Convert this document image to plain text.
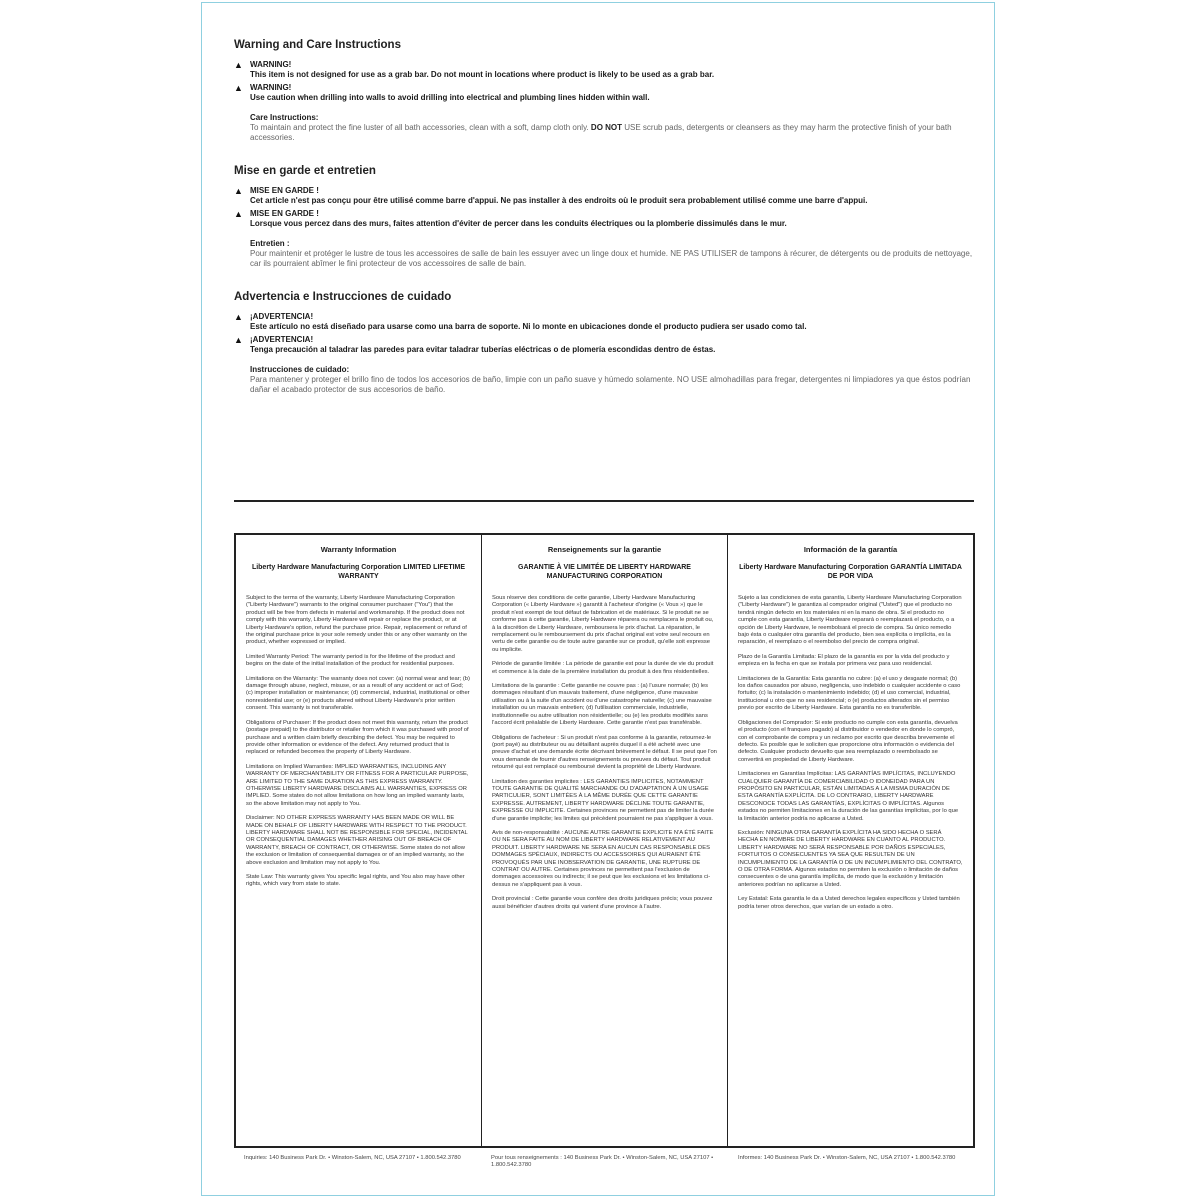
Warning and Care Instructions
▲ WARNING!
This item is not designed for use as a grab bar. Do not mount in locations where product is likely to be used as a grab bar.
▲ WARNING!
Use caution when drilling into walls to avoid drilling into electrical and plumbing lines hidden within wall.
Care Instructions:
To maintain and protect the fine luster of all bath accessories, clean with a soft, damp cloth only. DO NOT USE scrub pads, detergents or cleansers as they may harm the protective finish of your bath accessories.
Mise en garde et entretien
▲ MISE EN GARDE !
Cet article n'est pas conçu pour être utilisé comme barre d'appui. Ne pas installer à des endroits où le produit sera probablement utilisé comme une barre d'appui.
▲ MISE EN GARDE !
Lorsque vous percez dans des murs, faites attention d'éviter de percer dans les conduits électriques ou la plomberie dissimulés dans le mur.
Entretien :
Pour maintenir et protéger le lustre de tous les accessoires de salle de bain les essuyer avec un linge doux et humide. NE PAS UTILISER de tampons à récurer, de détergents ou de produits de nettoyage, car ils pourraient abîmer le fini protecteur de vos accessoires de salle de bain.
Advertencia e Instrucciones de cuidado
▲ ¡ADVERTENCIA!
Este artículo no está diseñado para usarse como una barra de soporte. Ni lo monte en ubicaciones donde el producto pudiera ser usado como tal.
▲ ¡ADVERTENCIA!
Tenga precaución al taladrar las paredes para evitar taladrar tuberías eléctricas o de plomería escondidas dentro de éstas.
Instrucciones de cuidado:
Para mantener y proteger el brillo fino de todos los accesorios de baño, limpie con un paño suave y húmedo solamente. NO USE almohadillas para fregar, detergentes ni limpiadores ya que éstos podrían dañar el acabado protector de sus accesorios de baño.
Warranty Information
Liberty Hardware Manufacturing Corporation LIMITED LIFETIME WARRANTY

Subject to the terms of the warranty, Liberty Hardware Manufacturing Corporation ("Liberty Hardware") warrants to the original consumer purchaser ("You") that the product will be free from defects in material and workmanship. If the product does not comply with this warranty, Liberty Hardware will repair or replace the product, or at Liberty Hardware's option, refund the purchase price. Repair, replacement or refund of the original purchase price is your sole remedy under this or any other warranty on the product, whether expressed or implied.

Limited Warranty Period: The warranty period is for the lifetime of the product and begins on the date of the initial installation of the product for residential purposes.

Limitations on the Warranty: The warranty does not cover: (a) normal wear and tear; (b) damage through abuse, neglect, misuse, or as a result of any accident or act of God; (c) improper installation or maintenance; (d) commercial, industrial, institutional or other nonresidential use; or (e) products altered without Liberty Hardware's prior written consent. This warranty is not transferable.

Obligations of Purchaser: If the product does not meet this warranty, return the product (postage prepaid) to the distributor or retailer from which it was purchased with proof of purchase and a written claim briefly describing the defect. You may be required to provide other information or evidence of the defect. Any returned product that is replaced or refunded becomes the property of Liberty Hardware.

Limitations on Implied Warranties: IMPLIED WARRANTIES, INCLUDING ANY WARRANTY OF MERCHANTABILITY OR FITNESS FOR A PARTICULAR PURPOSE, ARE LIMITED TO THE SAME DURATION AS THIS EXPRESS WARRANTY. OTHERWISE LIBERTY HARDWARE DISCLAIMS ALL WARRANTIES, EXPRESS OR IMPLIED. Some states do not allow limitations on how long an implied warranty lasts, so the above limitation may not apply to You.

Disclaimer: NO OTHER EXPRESS WARRANTY HAS BEEN MADE OR WILL BE MADE ON BEHALF OF LIBERTY HARDWARE WITH RESPECT TO THE PRODUCT. LIBERTY HARDWARE SHALL NOT BE RESPONSIBLE FOR SPECIAL, INCIDENTAL OR CONSEQUENTIAL DAMAGES WHETHER ARISING OUT OF BREACH OF WARRANTY, BREACH OF CONTRACT, OR OTHERWISE. Some states do not allow the exclusion or limitation of consequential damages or of an implied warranty, so the above exclusion and limitation may not apply to You.

State Law: This warranty gives You specific legal rights, and You also may have other rights, which vary from state to state.

Renseignements sur la garantie
GARANTIE À VIE LIMITÉE DE LIBERTY HARDWARE MANUFACTURING CORPORATION

Sous réserve des conditions de cette garantie, Liberty Hardware Manufacturing Corporation (« Liberty Hardware ») garantit à l'acheteur d'origine (« Vous ») que le produit n'est exempt de tout défaut de fabrication et de matériaux. Si le produit ne se conforme pas à cette garantie, Liberty Hardware réparera ou remplacera le produit ou, à la discrétion de Liberty Hardware, remboursera le prix d'achat. La réparation, le remplacement ou le remboursement du prix d'achat original est votre seul recours en vertu de cette garantie ou de toute autre garantie sur ce produit, qu'elle soit expresse ou implicite.

Période de garantie limitée : La période de garantie est pour la durée de vie du produit et commence à la date de la première installation du produit à des fins résidentielles.

Limitations de la garantie : Cette garantie ne couvre pas : (a) l'usure normale; (b) les dommages résultant d'un mauvais traitement, d'une négligence, d'une mauvaise utilisation ou à la suite d'un accident ou d'une catastrophe naturelle; (c) une mauvaise installation ou un mauvais entretien; (d) l'utilisation commerciale, industrielle, institutionnelle ou autre utilisation non résidentielle; ou (e) les produits modifiés sans l'accord écrit préalable de Liberty Hardware. Cette garantie n'est pas transférable.

Obligations de l'acheteur : Si un produit n'est pas conforme à la garantie, retournez-le (port payé) au distributeur ou au détaillant auprès duquel il a été acheté avec une preuve d'achat et une demande écrite décrivant brièvement le défaut. Il se peut que l'on vous demande de fournir d'autres renseignements ou preuves du défaut. Tout produit retourné qui est remplacé ou remboursé devient la propriété de Liberty Hardware.

Limitation des garanties implicites : LES GARANTIES IMPLICITES, NOTAMMENT TOUTE GARANTIE DE QUALITÉ MARCHANDE OU D'ADAPTATION À UN USAGE PARTICULIER, SONT LIMITÉES À LA MÊME DURÉE QUE CETTE GARANTIE EXPRESSE. AUTREMENT, LIBERTY HARDWARE DÉCLINE TOUTE GARANTIE, EXPRESSE OU IMPLICITE. Certaines provinces ne permettent pas de limiter la durée d'une garantie implicite; les limites qui précèdent pourraient ne pas s'appliquer à vous.

Avis de non-responsabilité : AUCUNE AUTRE GARANTIE EXPLICITE N'A ÉTÉ FAITE OU NE SERA FAITE AU NOM DE LIBERTY HARDWARE RELATIVEMENT AU PRODUIT. LIBERTY HARDWARE NE SERA EN AUCUN CAS RESPONSABLE DES DOMMAGES SPÉCIAUX, INDIRECTS OU ACCESSOIRES QUI AURAIENT ÉTÉ PROVOQUÉS PAR UNE INOBSERVATION DE GARANTIE, UNE RUPTURE DE CONTRAT OU AUTRE. Certaines provinces ne permettent pas l'exclusion de dommages accessoires ou indirects; il se peut que les exclusions et les limitations ci-dessus ne s'appliquent pas à vous.

Droit provincial : Cette garantie vous confère des droits juridiques précis; vous pouvez aussi bénéficier d'autres droits qui varient d'une province à l'autre.

Información de la garantía
Liberty Hardware Manufacturing Corporation GARANTÍA LIMITADA DE POR VIDA

Sujeto a las condiciones de esta garantía, Liberty Hardware Manufacturing Corporation ("Liberty Hardware") le garantiza al comprador original ("Usted") que el producto no tendrá ningún defecto en los materiales ni en la mano de obra. Si el producto no cumple con esta garantía, Liberty Hardware reparará o reemplazará el producto, o a opción de Liberty Hardware, le reembolsará el precio de compra. Su único remedio bajo ésta o cualquier otra garantía del producto, bien sea explícita o implícita, es la reparación, el reemplazo o el reembolso del precio de compra original.

Plazo de la Garantía Limitada: El plazo de la garantía es por la vida del producto y empieza en la fecha en que se instala por primera vez para uso residencial.

Limitaciones de la Garantía: Esta garantía no cubre: (a) el uso y desgaste normal; (b) los daños causados por abuso, negligencia, uso indebido o cualquier accidente o caso fortuito; (c) la instalación o mantenimiento indebido; (d) el uso comercial, industrial, institucional u otro que no sea residencial; o (e) productos alterados sin el permiso previo por escrito de Liberty Hardware. Esta garantía no es transferible.

Obligaciones del Comprador: Si este producto no cumple con esta garantía, devuelva el producto (con el franqueo pagado) al distribuidor o vendedor en donde lo compró, con el comprobante de compra y un reclamo por escrito que describa brevemente el defecto. Es posible que le soliciten que proporcione otra información o evidencia del defecto. Cualquier producto devuelto que sea reemplazado o reembolsado se convertirá en propiedad de Liberty Hardware.

Limitaciones en Garantías Implícitas: LAS GARANTÍAS IMPLÍCITAS, INCLUYENDO CUALQUIER GARANTÍA DE COMERCIABILIDAD O IDONEIDAD PARA UN PROPÓSITO EN PARTICULAR, ESTÁN LIMITADAS A LA MISMA DURACIÓN DE ESTA GARANTÍA EXPLÍCITA. DE LO CONTRARIO, LIBERTY HARDWARE DESCONOCE TODAS LAS GARANTÍAS, EXPLÍCITAS O IMPLÍCITAS. Algunos estados no permiten limitaciones en la duración de las garantías implícitas, por lo que la limitación anterior podría no aplicarse a Usted.

Exclusión: NINGUNA OTRA GARANTÍA EXPLÍCITA HA SIDO HECHA O SERÁ HECHA EN NOMBRE DE LIBERTY HARDWARE EN CUANTO AL PRODUCTO. LIBERTY HARDWARE NO SERÁ RESPONSABLE POR DAÑOS ESPECIALES, FORTUITOS O CONSECUENTES YA SEA QUE RESULTEN DE UN INCUMPLIMIENTO DE LA GARANTÍA O DE UN INCUMPLIMIENTO DEL CONTRATO, O DE OTRA FORMA. Algunos estados no permiten la exclusión o limitación de daños consecuentes o de una garantía implícita, de modo que la exclusión y limitación anteriores podrían no aplicarse a Usted.

Ley Estatal: Esta garantía le da a Usted derechos legales específicos y Usted también podría tener otros derechos, que varían de un estado a otro.

Inquiries: 140 Business Park Dr. • Winston-Salem, NC, USA 27107 • 1.800.542.3780	Pour tous renseignements : 140 Business Park Dr. • Winston-Salem, NC, USA 27107 • 1.800.542.3780
Informes: 140 Business Park Dr. • Winston-Salem, NC, USA 27107 • 1.800.542.3780
